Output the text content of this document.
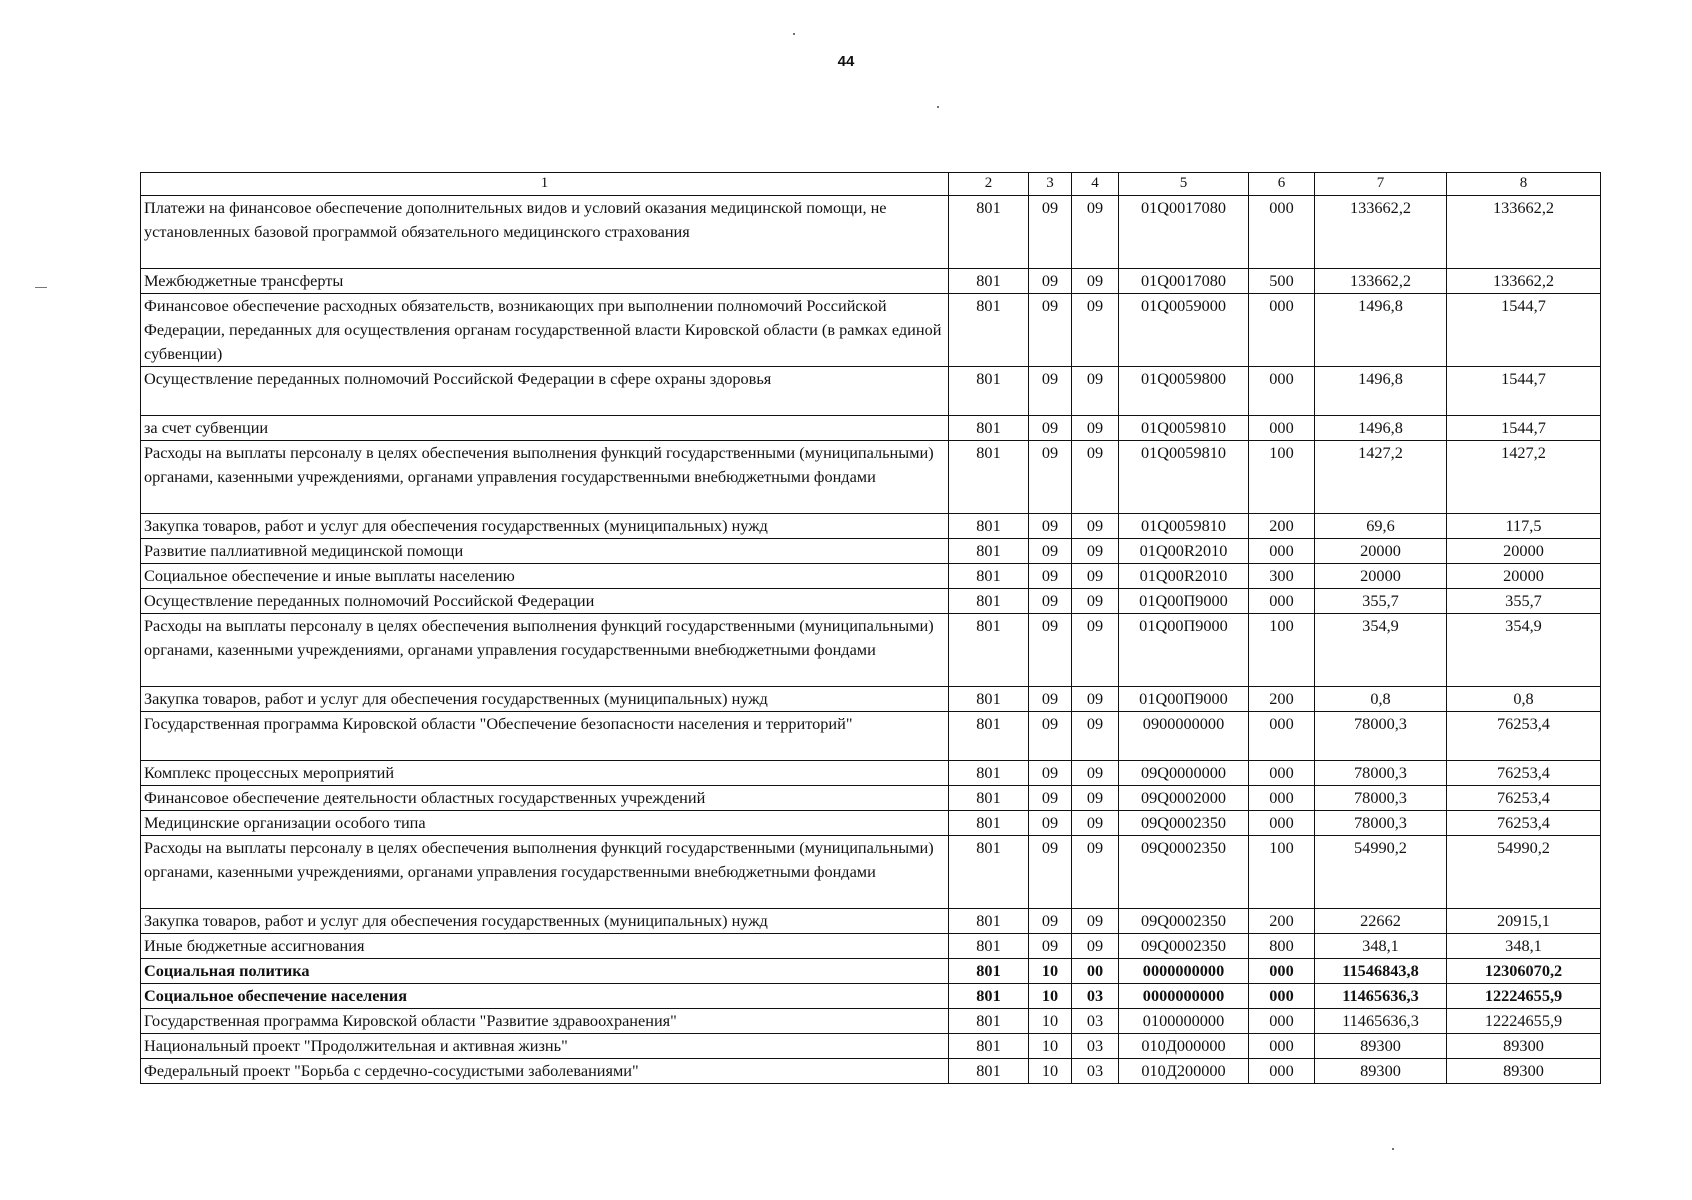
44
1	2	3	4	5	6	7	8
Платежи на финансовое обеспечение дополнительных видов и условий оказания медицинской помощи, не установленных базовой программой обязательного медицинского страхования	801	09	09	01Q0017080	000	133662,2	133662,2
Межбюджетные трансферты	801	09	09	01Q0017080	500	133662,2	133662,2
Финансовое обеспечение расходных обязательств, возникающих при выполнении полномочий Российской Федерации, переданных для осуществления органам государственной власти Кировской области (в рамках единой субвенции)	801	09	09	01Q0059000	000	1496,8	1544,7
Осуществление переданных полномочий Российской Федерации в сфере охраны здоровья	801	09	09	01Q0059800	000	1496,8	1544,7
за счет субвенции	801	09	09	01Q0059810	000	1496,8	1544,7
Расходы на выплаты персоналу в целях обеспечения выполнения функций государственными (муниципальными) органами, казенными учреждениями, органами управления государственными внебюджетными фондами	801	09	09	01Q0059810	100	1427,2	1427,2
Закупка товаров, работ и услуг для обеспечения государственных (муниципальных) нужд	801	09	09	01Q0059810	200	69,6	117,5
Развитие паллиативной медицинской помощи	801	09	09	01Q00R2010	000	20000	20000
Социальное обеспечение и иные выплаты населению	801	09	09	01Q00R2010	300	20000	20000
Осуществление переданных полномочий Российской Федерации	801	09	09	01Q00П9000	000	355,7	355,7
Расходы на выплаты персоналу в целях обеспечения выполнения функций государственными (муниципальными) органами, казенными учреждениями, органами управления государственными внебюджетными фондами	801	09	09	01Q00П9000	100	354,9	354,9
Закупка товаров, работ и услуг для обеспечения государственных (муниципальных) нужд	801	09	09	01Q00П9000	200	0,8	0,8
Государственная программа Кировской области "Обеспечение безопасности населения и территорий"	801	09	09	0900000000	000	78000,3	76253,4
Комплекс процессных мероприятий	801	09	09	09Q0000000	000	78000,3	76253,4
Финансовое обеспечение деятельности областных государственных учреждений	801	09	09	09Q0002000	000	78000,3	76253,4
Медицинские организации особого типа	801	09	09	09Q0002350	000	78000,3	76253,4
Расходы на выплаты персоналу в целях обеспечения выполнения функций государственными (муниципальными) органами, казенными учреждениями, органами управления государственными внебюджетными фондами	801	09	09	09Q0002350	100	54990,2	54990,2
Закупка товаров, работ и услуг для обеспечения государственных (муниципальных) нужд	801	09	09	09Q0002350	200	22662	20915,1
Иные бюджетные ассигнования	801	09	09	09Q0002350	800	348,1	348,1
Социальная политика	801	10	00	0000000000	000	11546843,8	12306070,2
Социальное обеспечение населения	801	10	03	0000000000	000	11465636,3	12224655,9
Государственная программа Кировской области "Развитие здравоохранения"	801	10	03	0100000000	000	11465636,3	12224655,9
Национальный проект "Продолжительная и активная жизнь"	801	10	03	010Д000000	000	89300	89300
Федеральный проект "Борьба с сердечно-сосудистыми заболеваниями"	801	10	03	010Д200000	000	89300	89300
